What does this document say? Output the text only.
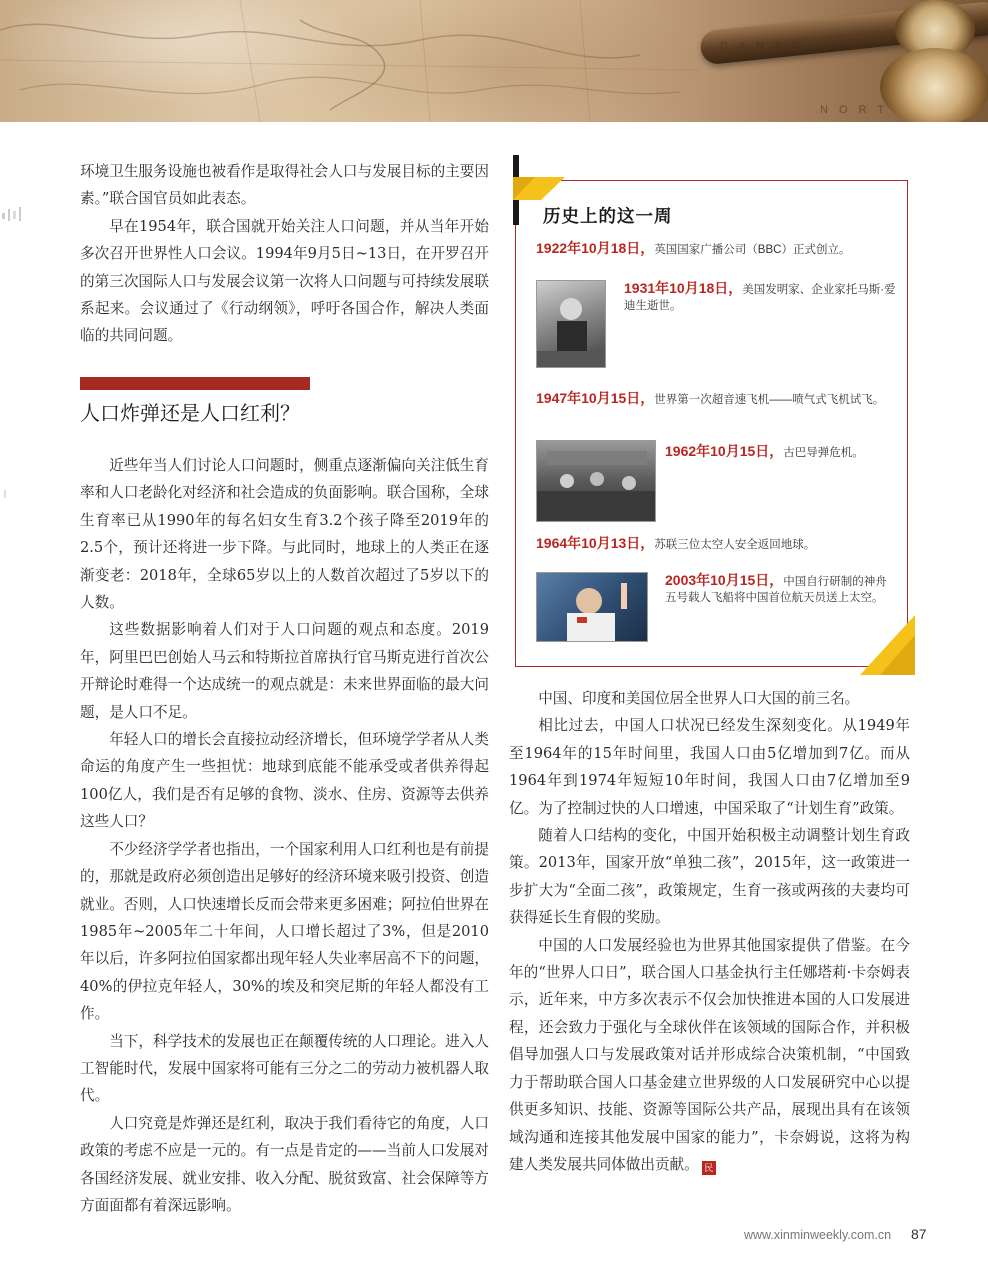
C A N A D
N O R T

环境卫生服务设施也被看作是取得社会人口与发展目标的主要因素。”联合国官员如此表态。

早在1954年，联合国就开始关注人口问题，并从当年开始多次召开世界性人口会议。1994年9月5日~13日，在开罗召开的第三次国际人口与发展会议第一次将人口问题与可持续发展联系起来。会议通过了《行动纲领》，呼吁各国合作，解决人类面临的共同问题。

人口炸弹还是人口红利？

近些年当人们讨论人口问题时，侧重点逐渐偏向关注低生育率和人口老龄化对经济和社会造成的负面影响。联合国称，全球生育率已从1990年的每名妇女生育3.2个孩子降至2019年的2.5个，预计还将进一步下降。与此同时，地球上的人类正在逐渐变老：2018年，全球65岁以上的人数首次超过了5岁以下的人数。

这些数据影响着人们对于人口问题的观点和态度。2019年，阿里巴巴创始人马云和特斯拉首席执行官马斯克进行首次公开辩论时难得一个达成统一的观点就是：未来世界面临的最大问题，是人口不足。

年轻人口的增长会直接拉动经济增长，但环境学学者从人类命运的角度产生一些担忧：地球到底能不能承受或者供养得起100亿人，我们是否有足够的食物、淡水、住房、资源等去供养这些人口？

不少经济学学者也指出，一个国家利用人口红利也是有前提的，那就是政府必须创造出足够好的经济环境来吸引投资、创造就业。否则，人口快速增长反而会带来更多困难；阿拉伯世界在1985年~2005年二十年间，人口增长超过了3%，但是2010年以后，许多阿拉伯国家都出现年轻人失业率居高不下的问题，40%的伊拉克年轻人，30%的埃及和突尼斯的年轻人都没有工作。

当下，科学技术的发展也正在颠覆传统的人口理论。进入人工智能时代，发展中国家将可能有三分之二的劳动力被机器人取代。

人口究竟是炸弹还是红利，取决于我们看待它的角度，人口政策的考虑不应是一元的。有一点是肯定的——当前人口发展对各国经济发展、就业安排、收入分配、脱贫致富、社会保障等方方面面都有着深远影响。

历史上的这一周
1922年10月18日，英国国家广播公司（BBC）正式创立。
1931年10月18日，美国发明家、企业家托马斯·爱迪生逝世。
1947年10月15日，世界第一次超音速飞机——喷气式飞机试飞。
1962年10月15日，古巴导弹危机。
1964年10月13日，苏联三位太空人安全返回地球。
2003年10月15日，中国自行研制的神舟五号载人飞船将中国首位航天员送上太空。

中国、印度和美国位居全世界人口大国的前三名。

相比过去，中国人口状况已经发生深刻变化。从1949年至1964年的15年时间里，我国人口由5亿增加到7亿。而从1964年到1974年短短10年时间，我国人口由7亿增加至9亿。为了控制过快的人口增速，中国采取了“计划生育”政策。

随着人口结构的变化，中国开始积极主动调整计划生育政策。2013年，国家开放“单独二孩”，2015年，这一政策进一步扩大为“全面二孩”，政策规定，生育一孩或两孩的夫妻均可获得延长生育假的奖励。

中国的人口发展经验也为世界其他国家提供了借鉴。在今年的“世界人口日”，联合国人口基金执行主任娜塔莉·卡奈姆表示，近年来，中方多次表示不仅会加快推进本国的人口发展进程，还会致力于强化与全球伙伴在该领域的国际合作，并积极倡导加强人口与发展政策对话并形成综合决策机制，“中国致力于帮助联合国人口基金建立世界级的人口发展研究中心以提供更多知识、技能、资源等国际公共产品，展现出具有在该领域沟通和连接其他发展中国家的能力”，卡奈姆说，这将为构建人类发展共同体做出贡献。 民

www.xinminweekly.com.cn 87
